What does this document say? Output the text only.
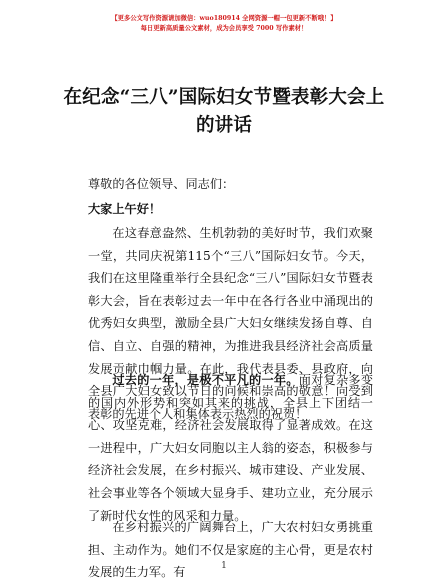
【更多公文写作资源请加微信：wuo180914 全网资源一帽一包更新不断哦！】
每日更新高质量公文素材，成为会员享受 7000 写作素材！
在纪念“三八”国际妇女节暨表彰大会上的讲话

尊敬的各位领导、同志们：

大家上午好！

在这春意盎然、生机勃勃的美好时节，我们欢聚一堂，共同庆祝第115个“三八”国际妇女节。今天，我们在这里隆重举行全县纪念“三八”国际妇女节暨表彰大会，旨在表彰过去一年中在各行各业中涌现出的优秀妇女典型，激励全县广大妇女继续发扬自尊、自信、自立、自强的精神，为推进我县经济社会高质量发展贡献巾帼力量。在此，我代表县委、县政府，向全县广大妇女致以节日的问候和崇高的敬意！向受到表彰的先进个人和集体表示热烈的祝贺！

过去的一年，是极不平凡的一年。面对复杂多变的国内外形势和突如其来的挑战，全县上下团结一心、攻坚克难，经济社会发展取得了显著成效。在这一进程中，广大妇女同胞以主人翁的姿态，积极参与经济社会发展，在乡村振兴、城市建设、产业发展、社会事业等各个领域大显身手、建功立业，充分展示了新时代女性的风采和力量。

在乡村振兴的广阔舞台上，广大农村妇女勇挑重担、主动作为。她们不仅是家庭的主心骨，更是农村发展的生力军。有	1
